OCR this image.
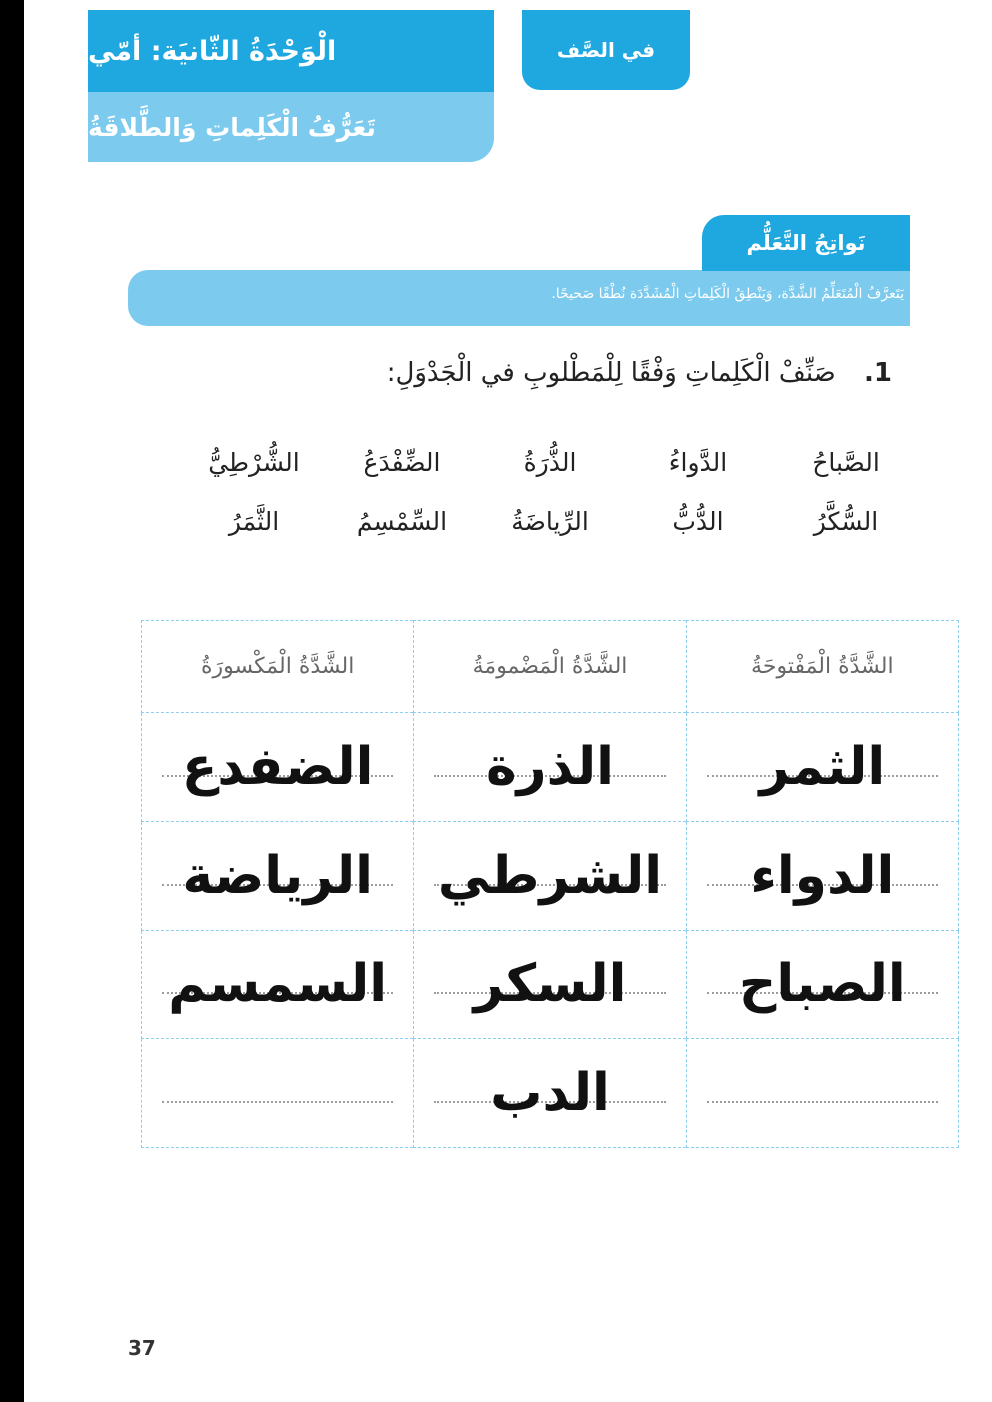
الْوَحْدَةُ الثّانيَة: أمّي
تَعَرُّفُ الْكَلِماتِ وَالطَّلاقَةُ
في الصَّف
نَواتِجُ التَّعَلُّم
يَتَعرَّفُ الْمُتَعَلِّمُ الشَّدَّة، وَيَنْطِقُ الْكَلِماتِ الْمُشَدَّدَة نُطْقًا صَحيحًا.
1. صَنِّفْ الْكَلِماتِ وَفْقًا لِلْمَطْلوبِ في الْجَدْوَلِ:
الصَّباحُ
الدَّواءُ
الذُّرَةُ
الضِّفْدَعُ
الشُّرْطِيُّ
السُّكَّرُ
الدُّبُّ
الرِّياضَةُ
السِّمْسِمُ
الثَّمَرُ
الشَّدَّةُ الْمَفْتوحَةُ	الشَّدَّةُ الْمَضْمومَةُ	الشَّدَّةُ الْمَكْسورَةُ
الثمر	الذرة	الضفدع
الدواء	الشرطي	الرياضة
الصباح	السكر	السمسم
	الدب	
37
